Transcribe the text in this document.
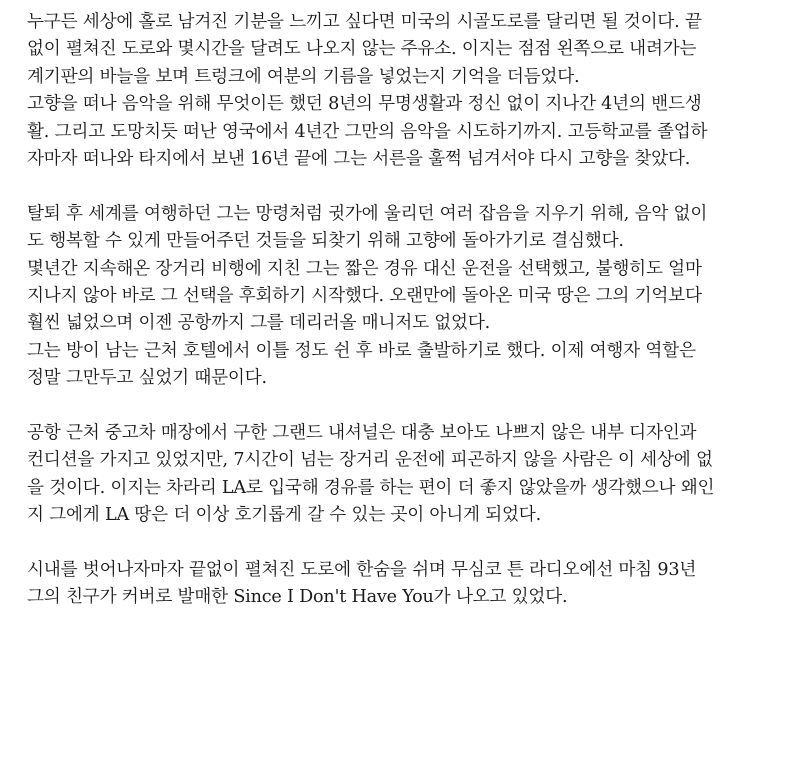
누구든 세상에 홀로 남겨진 기분을 느끼고 싶다면 미국의 시골도로를 달리면 될 것이다. 끝
없이 펼쳐진 도로와 몇시간을 달려도 나오지 않는 주유소. 이지는 점점 왼쪽으로 내려가는
계기판의 바늘을 보며 트렁크에 여분의 기름을 넣었는지 기억을 더듬었다.
고향을 떠나 음악을 위해 무엇이든 했던 8년의 무명생활과 정신 없이 지나간 4년의 밴드생
활. 그리고 도망치듯 떠난 영국에서 4년간 그만의 음악을 시도하기까지. 고등학교를 졸업하
자마자 떠나와 타지에서 보낸 16년 끝에 그는 서른을 훌쩍 넘겨서야 다시 고향을 찾았다.
탈퇴 후 세계를 여행하던 그는 망령처럼 귓가에 울리던 여러 잡음을 지우기 위해, 음악 없이
도 행복할 수 있게 만들어주던 것들을 되찾기 위해 고향에 돌아가기로 결심했다.
몇년간 지속해온 장거리 비행에 지친 그는 짧은 경유 대신 운전을 선택했고, 불행히도 얼마
지나지 않아 바로 그 선택을 후회하기 시작했다. 오랜만에 돌아온 미국 땅은 그의 기억보다
훨씬 넓었으며 이젠 공항까지 그를 데리러올 매니저도 없었다.
그는 방이 남는 근처 호텔에서 이틀 정도 쉰 후 바로 출발하기로 했다. 이제 여행자 역할은
정말 그만두고 싶었기 때문이다.
공항 근처 중고차 매장에서 구한 그랜드 내셔널은 대충 보아도 나쁘지 않은 내부 디자인과
컨디션을 가지고 있었지만, 7시간이 넘는 장거리 운전에 피곤하지 않을 사람은 이 세상에 없
을 것이다. 이지는 차라리 LA로 입국해 경유를 하는 편이 더 좋지 않았을까 생각했으나 왜인
지 그에게 LA 땅은 더 이상 호기롭게 갈 수 있는 곳이 아니게 되었다.
시내를 벗어나자마자 끝없이 펼쳐진 도로에 한숨을 쉬며 무심코 튼 라디오에선 마침 93년
그의 친구가 커버로 발매한 Since I Don't Have You가 나오고 있었다.
